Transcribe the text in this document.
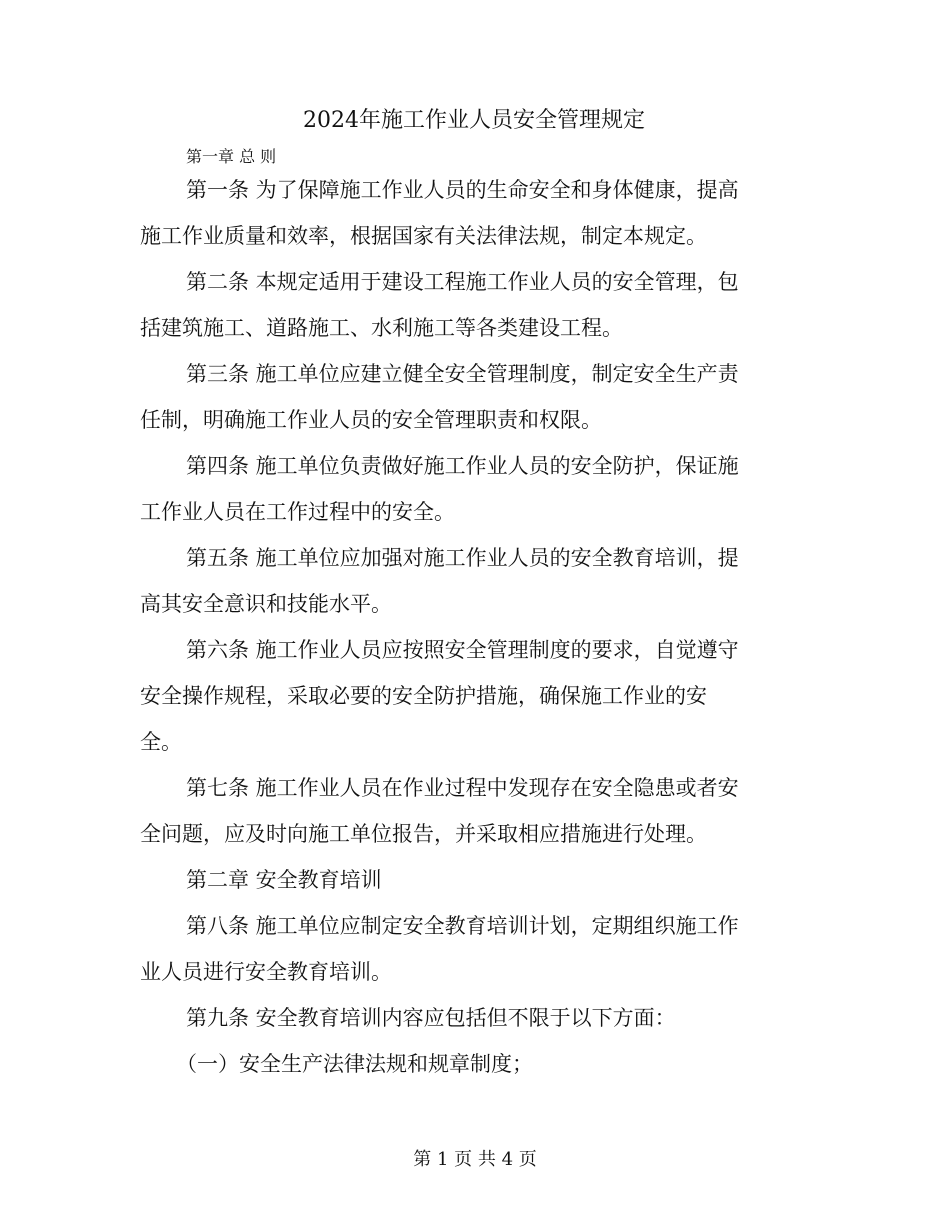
2024年施工作业人员安全管理规定
第一章 总 则
第一条 为了保障施工作业人员的生命安全和身体健康，提高
施工作业质量和效率，根据国家有关法律法规，制定本规定。
第二条 本规定适用于建设工程施工作业人员的安全管理，包
括建筑施工、道路施工、水利施工等各类建设工程。
第三条 施工单位应建立健全安全管理制度，制定安全生产责
任制，明确施工作业人员的安全管理职责和权限。
第四条 施工单位负责做好施工作业人员的安全防护，保证施
工作业人员在工作过程中的安全。
第五条 施工单位应加强对施工作业人员的安全教育培训，提
高其安全意识和技能水平。
第六条 施工作业人员应按照安全管理制度的要求，自觉遵守
安全操作规程，采取必要的安全防护措施，确保施工作业的安
全。
第七条 施工作业人员在作业过程中发现存在安全隐患或者安
全问题，应及时向施工单位报告，并采取相应措施进行处理。
第二章 安全教育培训
第八条 施工单位应制定安全教育培训计划，定期组织施工作
业人员进行安全教育培训。
第九条 安全教育培训内容应包括但不限于以下方面：
（一）安全生产法律法规和规章制度；
第 1 页 共 4 页
